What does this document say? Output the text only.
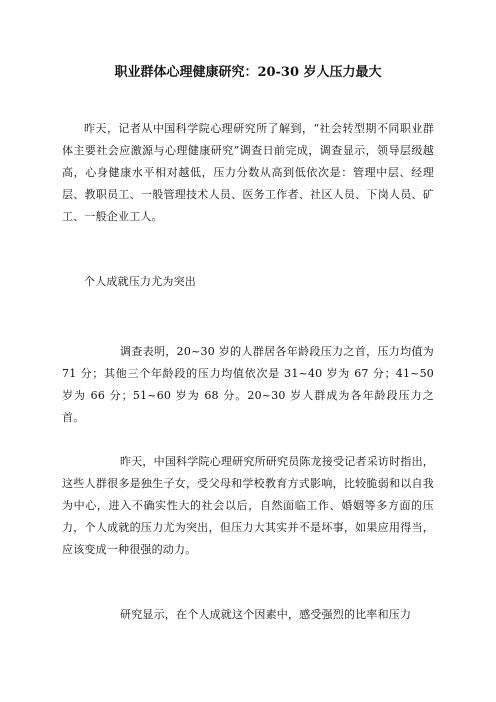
职业群体心理健康研究：20-30 岁人压力最大

昨天，记者从中国科学院心理研究所了解到，“社会转型期不同职业群体主要社会应激源与心理健康研究”调查日前完成，调查显示，领导层级越高，心身健康水平相对越低，压力分数从高到低依次是：管理中层、经理层、教职员工、一般管理技术人员、医务工作者、社区人员、下岗人员、矿工、一般企业工人。

个人成就压力尤为突出

调查表明，20~30 岁的人群居各年龄段压力之首，压力均值为 71 分；其他三个年龄段的压力均值依次是 31~40 岁为 67 分；41~50 岁为 66 分；51~60 岁为 68 分。20~30 岁人群成为各年龄段压力之首。

昨天，中国科学院心理研究所研究员陈龙接受记者采访时指出，这些人群很多是独生子女，受父母和学校教育方式影响，比较脆弱和以自我为中心，进入不确实性大的社会以后，自然面临工作、婚姻等多方面的压力，个人成就的压力尤为突出，但压力大其实并不是坏事，如果应用得当，应该变成一种很强的动力。

研究显示，在个人成就这个因素中，感受强烈的比率和压力
